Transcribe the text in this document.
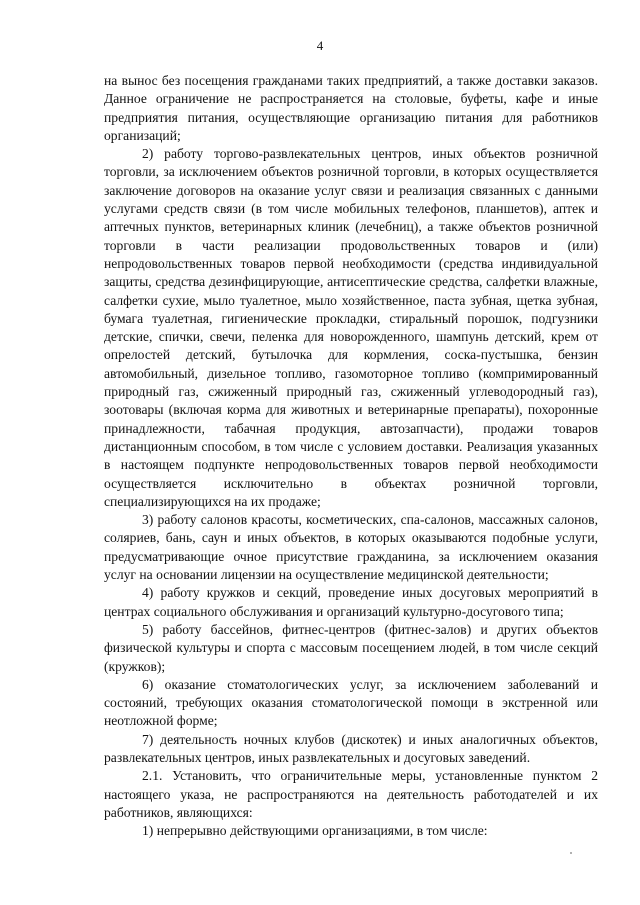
4

на вынос без посещения гражданами таких предприятий, а также доставки заказов. Данное ограничение не распространяется на столовые, буфеты, кафе и иные предприятия питания, осуществляющие организацию питания для работников организаций;

2) работу торгово-развлекательных центров, иных объектов розничной торговли, за исключением объектов розничной торговли, в которых осуществляется заключение договоров на оказание услуг связи и реализация связанных с данными услугами средств связи (в том числе мобильных телефонов, планшетов), аптек и аптечных пунктов, ветеринарных клиник (лечебниц), а также объектов розничной торговли в части реализации продовольственных товаров и (или) непродовольственных товаров первой необходимости (средства индивидуальной защиты, средства дезинфицирующие, антисептические средства, салфетки влажные, салфетки сухие, мыло туалетное, мыло хозяйственное, паста зубная, щетка зубная, бумага туалетная, гигиенические прокладки, стиральный порошок, подгузники детские, спички, свечи, пеленка для новорожденного, шампунь детский, крем от опрелостей детский, бутылочка для кормления, соска-пустышка, бензин автомобильный, дизельное топливо, газомоторное топливо (компримированный природный газ, сжиженный природный газ, сжиженный углеводородный газ), зоотовары (включая корма для животных и ветеринарные препараты), похоронные принадлежности, табачная продукция, автозапчасти), продажи товаров дистанционным способом, в том числе с условием доставки. Реализация указанных в настоящем подпункте непродовольственных товаров первой необходимости осуществляется исключительно в объектах розничной торговли, специализирующихся на их продаже;

3) работу салонов красоты, косметических, спа-салонов, массажных салонов, соляриев, бань, саун и иных объектов, в которых оказываются подобные услуги, предусматривающие очное присутствие гражданина, за исключением оказания услуг на основании лицензии на осуществление медицинской деятельности;

4) работу кружков и секций, проведение иных досуговых мероприятий в центрах социального обслуживания и организаций культурно-досугового типа;

5) работу бассейнов, фитнес-центров (фитнес-залов) и других объектов физической культуры и спорта с массовым посещением людей, в том числе секций (кружков);

6) оказание стоматологических услуг, за исключением заболеваний и состояний, требующих оказания стоматологической помощи в экстренной или неотложной форме;

7) деятельность ночных клубов (дискотек) и иных аналогичных объектов, развлекательных центров, иных развлекательных и досуговых заведений.

2.1. Установить, что ограничительные меры, установленные пунктом 2 настоящего указа, не распространяются на деятельность работодателей и их работников, являющихся:

1) непрерывно действующими организациями, в том числе:
